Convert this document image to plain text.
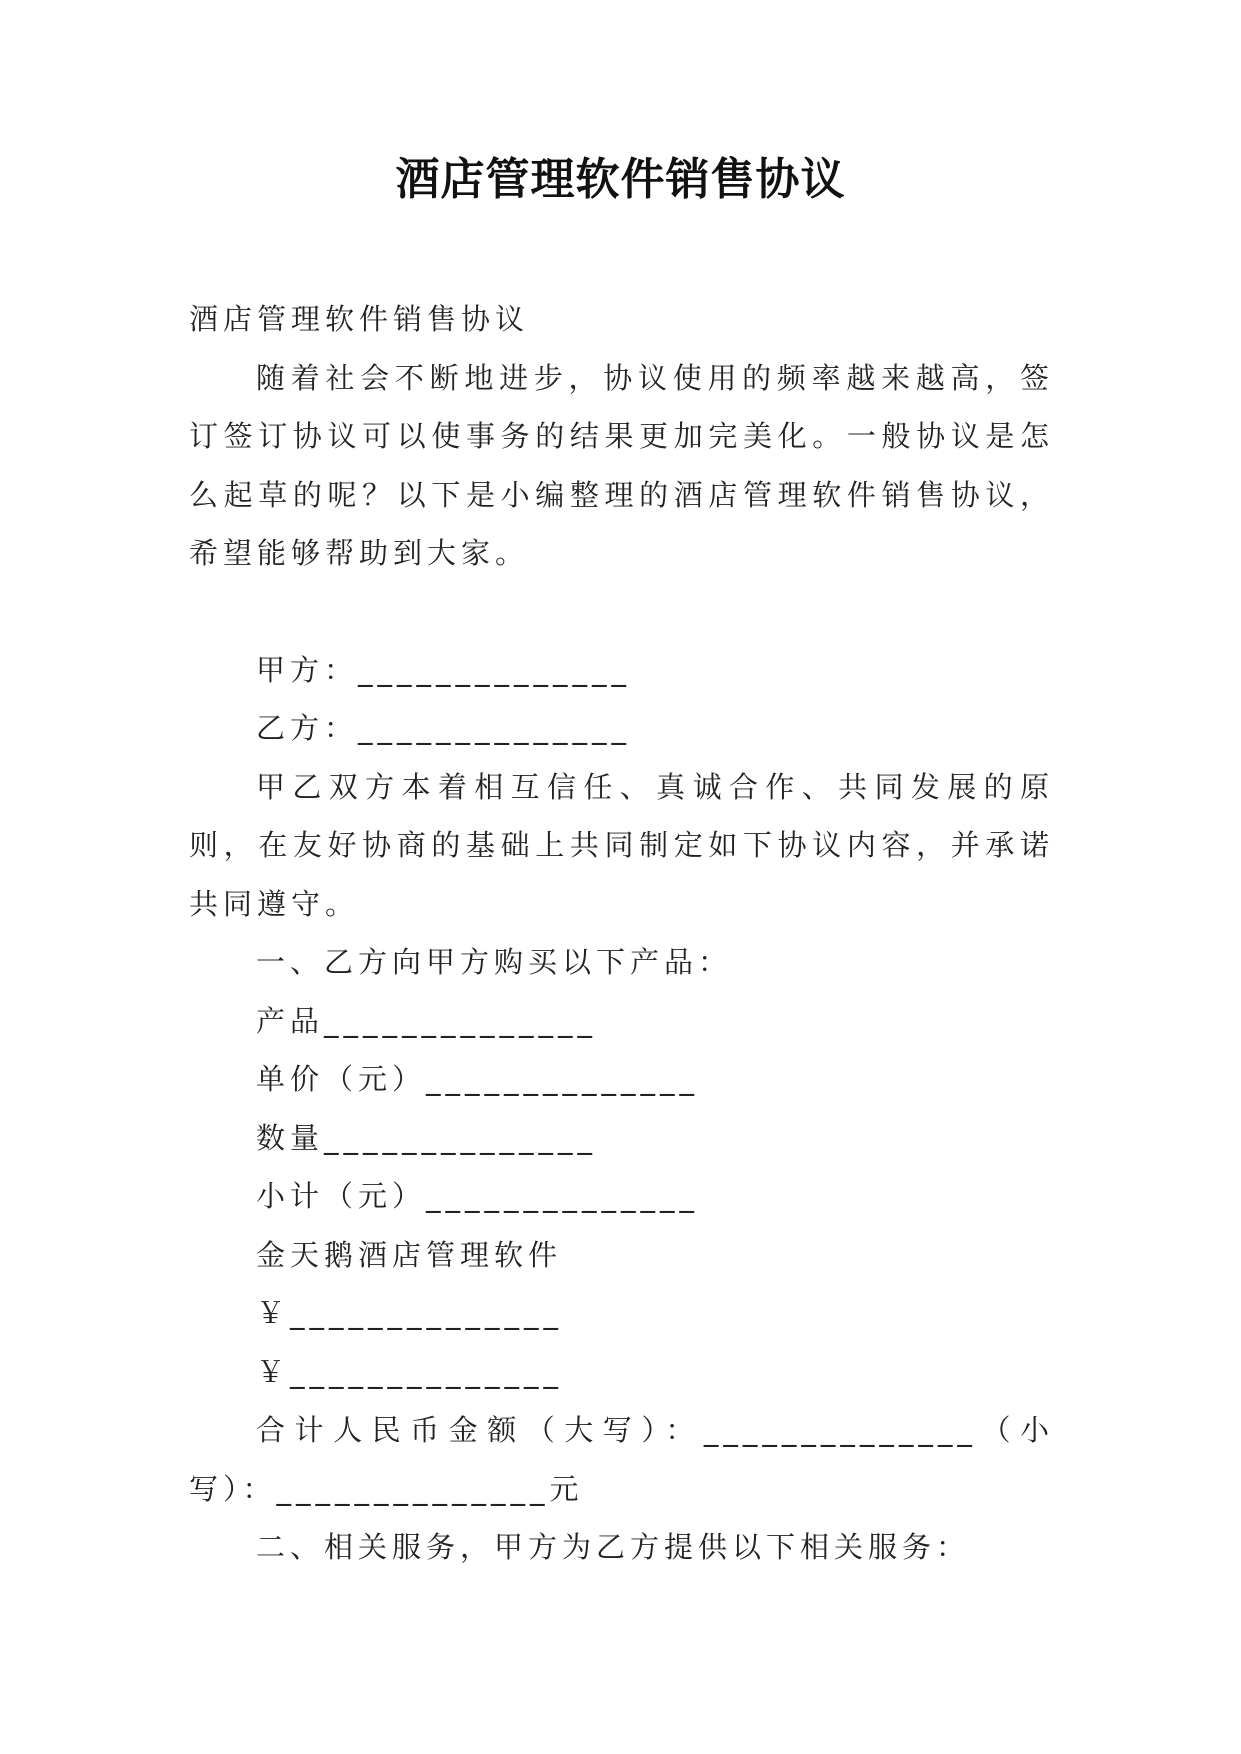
酒店管理软件销售协议

酒店管理软件销售协议

随着社会不断地进步，协议使用的频率越来越高，签订签订协议可以使事务的结果更加完美化。一般协议是怎么起草的呢？以下是小编整理的酒店管理软件销售协议，希望能够帮助到大家。

甲方：______________

乙方：______________

甲乙双方本着相互信任、真诚合作、共同发展的原则，在友好协商的基础上共同制定如下协议内容，并承诺共同遵守。

一、乙方向甲方购买以下产品：

产品______________

单价（元）______________

数量______________

小计（元）______________

金天鹅酒店管理软件

￥______________

￥______________

合计人民币金额（大写）：______________（小写）：______________元

二、相关服务，甲方为乙方提供以下相关服务：
